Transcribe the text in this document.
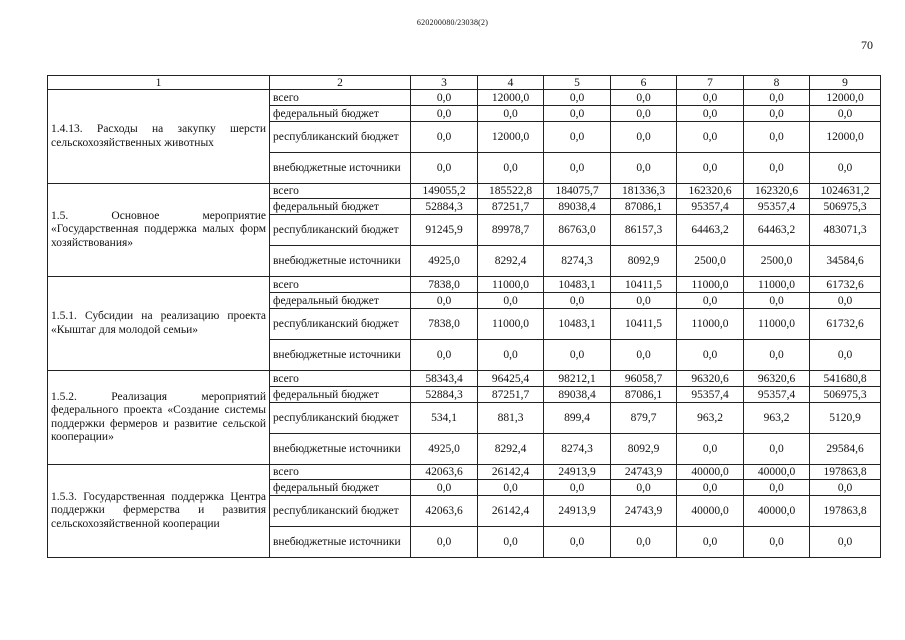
620200080/23038(2)
70
1	2	3	4	5	6	7	8	9
1.4.13. Расходы на закупку шерсти сельскохозяйственных животных	всего	0,0	12000,0	0,0	0,0	0,0	0,0	12000,0
	федеральный бюджет	0,0	0,0	0,0	0,0	0,0	0,0	0,0
	республиканский бюджет	0,0	12000,0	0,0	0,0	0,0	0,0	12000,0
	внебюджетные источники	0,0	0,0	0,0	0,0	0,0	0,0	0,0
1.5. Основное мероприятие «Государственная поддержка малых форм хозяйствования»	всего	149055,2	185522,8	184075,7	181336,3	162320,6	162320,6	1024631,2
	федеральный бюджет	52884,3	87251,7	89038,4	87086,1	95357,4	95357,4	506975,3
	республиканский бюджет	91245,9	89978,7	86763,0	86157,3	64463,2	64463,2	483071,3
	внебюджетные источники	4925,0	8292,4	8274,3	8092,9	2500,0	2500,0	34584,6
1.5.1. Субсидии на реализацию проекта «Кыштаг для молодой семьи»	всего	7838,0	11000,0	10483,1	10411,5	11000,0	11000,0	61732,6
	федеральный бюджет	0,0	0,0	0,0	0,0	0,0	0,0	0,0
	республиканский бюджет	7838,0	11000,0	10483,1	10411,5	11000,0	11000,0	61732,6
	внебюджетные источники	0,0	0,0	0,0	0,0	0,0	0,0	0,0
1.5.2. Реализация мероприятий федерального проекта «Создание системы поддержки фермеров и развитие сельской кооперации»	всего	58343,4	96425,4	98212,1	96058,7	96320,6	96320,6	541680,8
	федеральный бюджет	52884,3	87251,7	89038,4	87086,1	95357,4	95357,4	506975,3
	республиканский бюджет	534,1	881,3	899,4	879,7	963,2	963,2	5120,9
	внебюджетные источники	4925,0	8292,4	8274,3	8092,9	0,0	0,0	29584,6
1.5.3. Государственная поддержка Центра поддержки фермерства и развития сельскохозяйственной кооперации	всего	42063,6	26142,4	24913,9	24743,9	40000,0	40000,0	197863,8
	федеральный бюджет	0,0	0,0	0,0	0,0	0,0	0,0	0,0
	республиканский бюджет	42063,6	26142,4	24913,9	24743,9	40000,0	40000,0	197863,8
	внебюджетные источники	0,0	0,0	0,0	0,0	0,0	0,0	0,0
